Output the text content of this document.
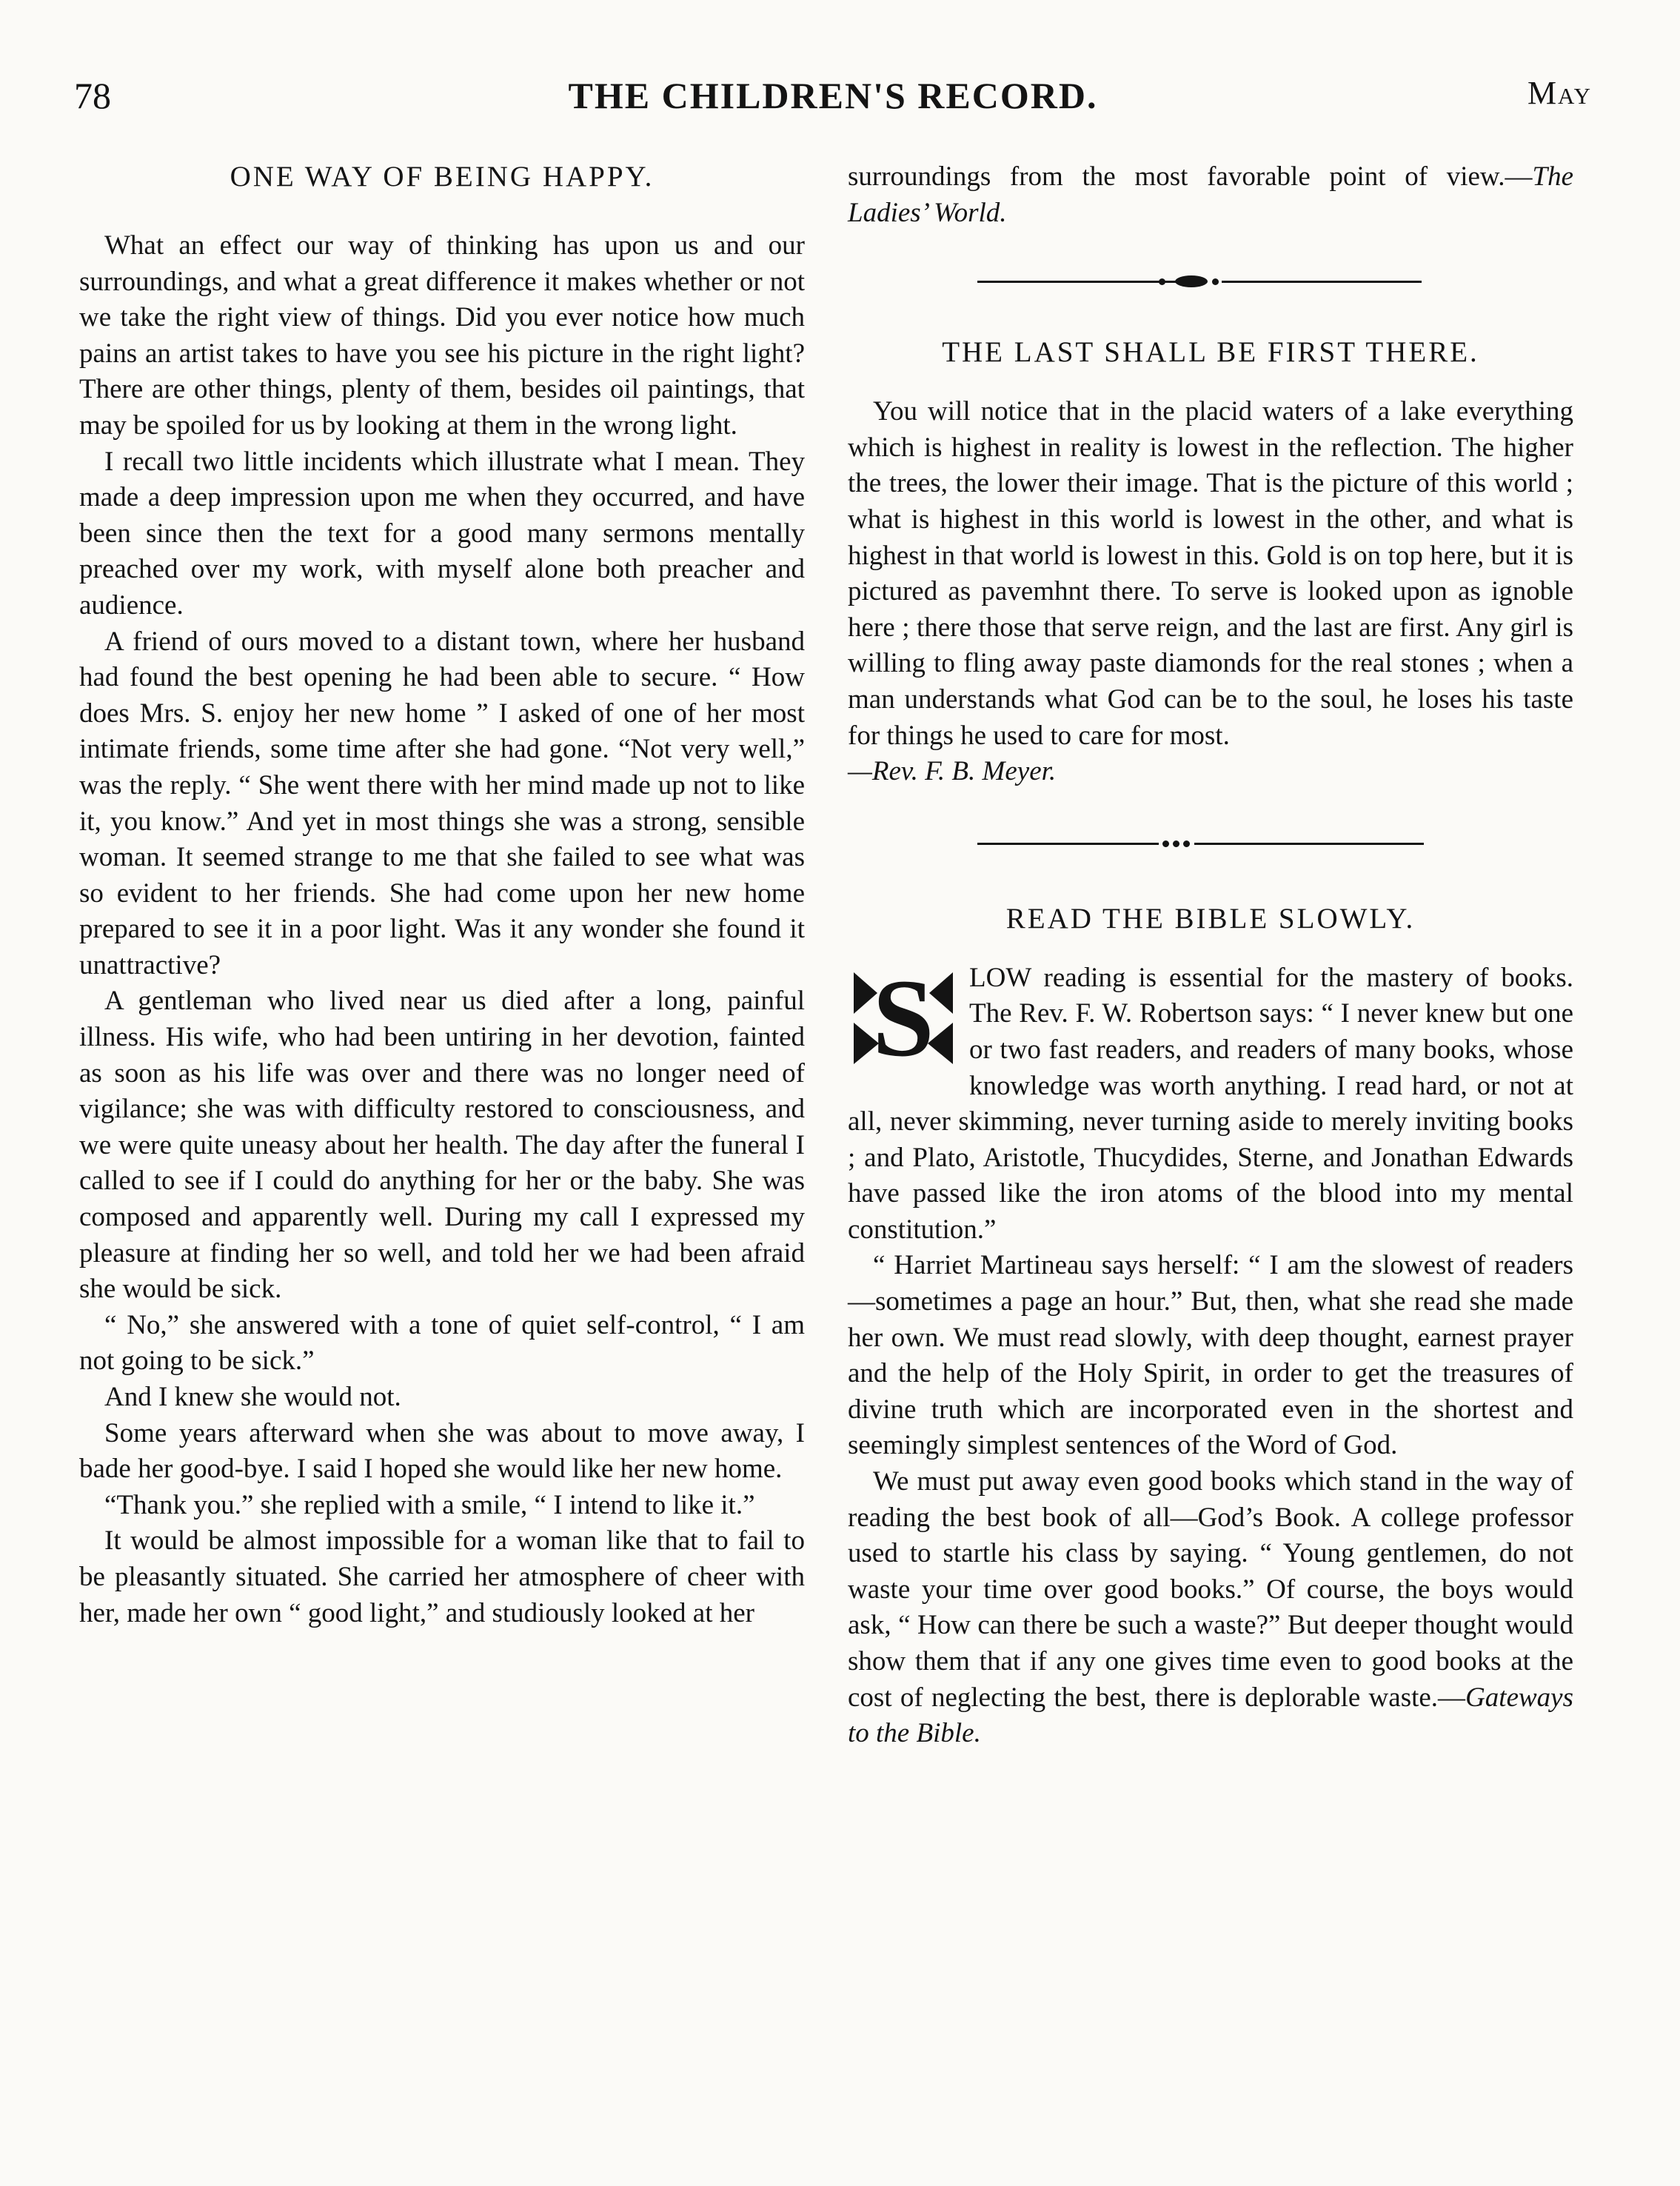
78	THE CHILDREN'S RECORD.	May
ONE WAY OF BEING HAPPY.

What an effect our way of thinking has upon us and our surroundings, and what a great difference it makes whether or not we take the right view of things. Did you ever notice how much pains an artist takes to have you see his picture in the right light? There are other things, plenty of them, besides oil paintings, that may be spoiled for us by looking at them in the wrong light.

I recall two little incidents which illustrate what I mean. They made a deep impression upon me when they occurred, and have been since then the text for a good many sermons mentally preached over my work, with myself alone both preacher and audience.

A friend of ours moved to a distant town, where her husband had found the best opening he had been able to secure. “ How does Mrs. S. enjoy her new home ” I asked of one of her most intimate friends, some time after she had gone. “Not very well,” was the reply. “ She went there with her mind made up not to like it, you know.” And yet in most things she was a strong, sensible woman. It seemed strange to me that she failed to see what was so evident to her friends. She had come upon her new home prepared to see it in a poor light. Was it any wonder she found it unattractive?

A gentleman who lived near us died after a long, painful illness. His wife, who had been untiring in her devotion, fainted as soon as his life was over and there was no longer need of vigilance; she was with difficulty restored to consciousness, and we were quite uneasy about her health. The day after the funeral I called to see if I could do anything for her or the baby. She was composed and apparently well. During my call I expressed my pleasure at finding her so well, and told her we had been afraid she would be sick.

“ No,” she answered with a tone of quiet self-control, “ I am not going to be sick.”

And I knew she would not.

Some years afterward when she was about to move away, I bade her good-bye. I said I hoped she would like her new home.

“Thank you.” she replied with a smile, “ I intend to like it.”

It would be almost impossible for a woman like that to fail to be pleasantly situated. She carried her atmosphere of cheer with her, made her own “ good light,” and studiously looked at her

surroundings from the most favorable point of view.—The Ladies’ World.

THE LAST SHALL BE FIRST THERE.

You will notice that in the placid waters of a lake everything which is highest in reality is lowest in the reflection. The higher the trees, the lower their image. That is the picture of this world ; what is highest in this world is lowest in the other, and what is highest in that world is lowest in this. Gold is on top here, but it is pictured as pavemhnt there. To serve is looked upon as ignoble here ; there those that serve reign, and the last are first. Any girl is willing to fling away paste diamonds for the real stones ; when a man understands what God can be to the soul, he loses his taste for things he used to care for most.
—Rev. F. B. Meyer.

READ THE BIBLE SLOWLY.

S LOW reading is essential for the mastery of books. The Rev. F. W. Robertson says: “ I never knew but one or two fast readers, and readers of many books, whose knowledge was worth anything. I read hard, or not at all, never skimming, never turning aside to merely inviting books ; and Plato, Aristotle, Thucydides, Sterne, and Jonathan Edwards have passed like the iron atoms of the blood into my mental constitution.”

“ Harriet Martineau says herself: “ I am the slowest of readers—sometimes a page an hour.” But, then, what she read she made her own. We must read slowly, with deep thought, earnest prayer and the help of the Holy Spirit, in order to get the treasures of divine truth which are incorporated even in the shortest and seemingly simplest sentences of the Word of God.

We must put away even good books which stand in the way of reading the best book of all—God’s Book. A college professor used to startle his class by saying. “ Young gentlemen, do not waste your time over good books.” Of course, the boys would ask, “ How can there be such a waste?” But deeper thought would show them that if any one gives time even to good books at the cost of neglecting the best, there is deplorable waste.—Gateways to the Bible.
